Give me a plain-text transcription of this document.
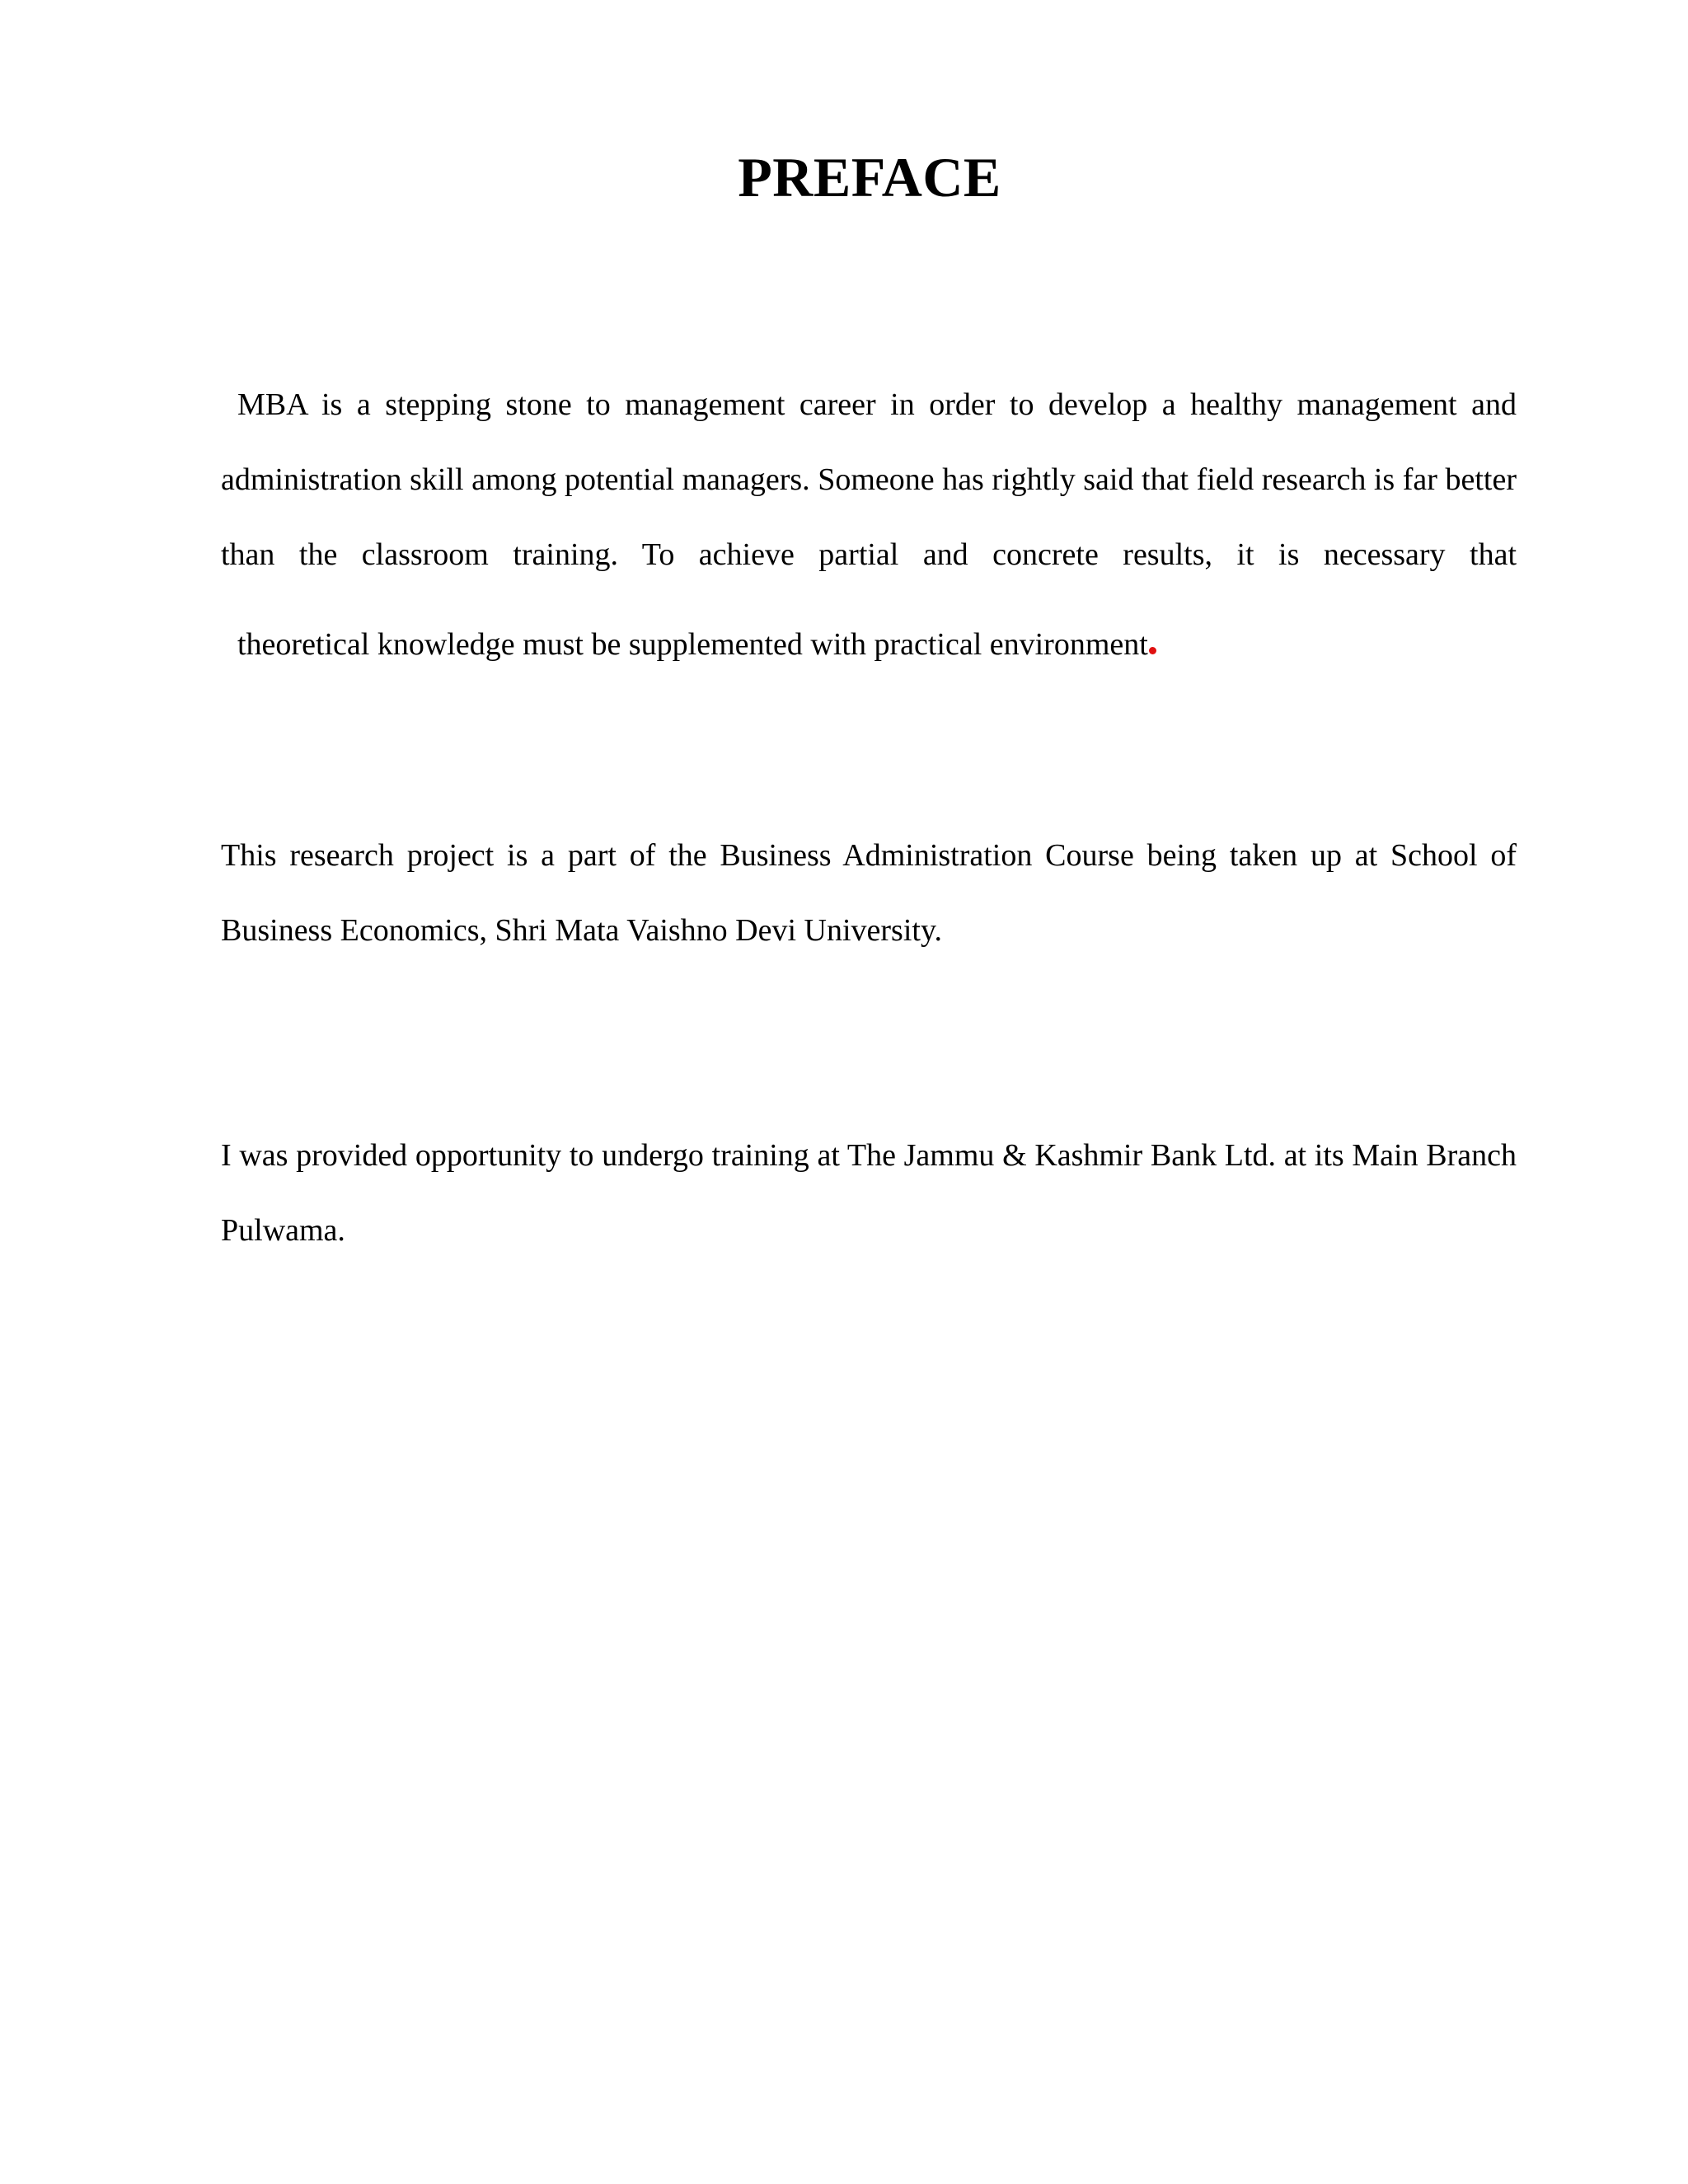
PREFACE

MBA is a stepping stone to management career in order to develop a healthy management and administration skill among potential managers. Someone has rightly said that field research is far better than the classroom training. To achieve partial and concrete results, it is necessary that theoretical knowledge must be supplemented with practical environment

This research project is a part of the Business Administration Course being taken up at School of Business Economics, Shri Mata Vaishno Devi University.

I was provided opportunity to undergo training at The Jammu & Kashmir Bank Ltd. at its Main Branch Pulwama.
